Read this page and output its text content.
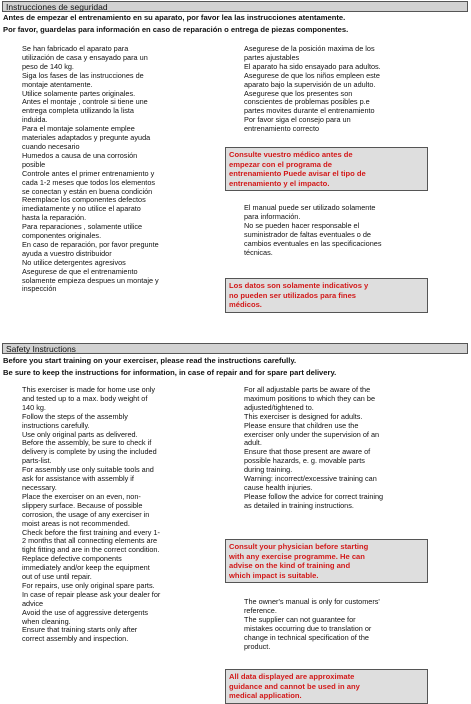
Instrucciones de seguridad
Antes de empezar el entrenamiento en su aparato, por favor lea las instrucciones atentamente.
Por favor, guardelas para información en caso de reparación o entrega de piezas componentes.

Se han fabricado el aparato para

utilización de casa y ensayado para un

peso de 140 kg.

Siga los fases de las instrucciones de

montaje atentamente.

Utilice solamente partes originales.

Antes el montaje , controle si tiene une

entrega completa utilizando la lista

induida.

Para el montaje solamente emplee

materiales adaptados y pregunte ayuda

cuando necesario

Humedos a causa de una corrosión

posible

Controle antes el primer entrenamiento y

cada 1-2 meses que todos los elementos

se conectan y están en buena condición

Reemplace los componentes defectos

imediatamente y no utilice el aparato

hasta la reparación.

Para reparaciones , solamente utilice

componentes originales.

En caso de reparación, por favor pregunte

ayuda a vuestro distribuidor

No utilice detergentes agresivos

Asegurese de que el entrenamiento

solamente empieza despues un montaje y

inspección

Asegurese de la posición maxima de los

partes ajustables

El aparato ha sido ensayado para adultos.

Asegurese de que los niños empleen este

aparato bajo la supervisión de un adulto.

Asegurese que los presentes son

conscientes de problemas posibles p.e

partes movites durante el entrenamiento

Por favor siga el consejo para un

entrenamiento correcto

Consulte vuestro médico antes de

empezar con el programa de

entrenamiento Puede avisar el tipo de

entrenamiento y el impacto.

El manual puede ser utilizado solamente

para información.

No se pueden hacer responsable el

suministrador de faltas eventuales o de

cambios eventuales en las specificaciones

técnicas.

Los datos son solamente indicativos y

no pueden ser utilizados para fines

médicos.

Safety Instructions
Before you start training on your exerciser, please read the instructions carefully.
Be sure to keep the instructions for information, in case of repair and for spare part delivery.

This exerciser is made for home use only

and tested up to a max. body weight of

140 kg.

Follow the steps of the assembly

instructions carefully.

Use only original parts as delivered.

Before the assembly, be sure to check if

delivery is complete by using the included

parts-list.

For assembly use only suitable tools and

ask for assistance with assembly if

necessary.

Place the exerciser on an even, non-

slippery surface. Because of possible

corrosion, the usage of any exerciser in

moist areas is not recommended.

Check before the first training and every 1-

2 months that all connecting elements are

tight fitting and are in the correct condition.

Replace defective components

immediately and/or keep the equipment

out of use until repair.

For repairs, use only original spare parts.

In case of repair please ask your dealer for

advice

Avoid the use of aggressive detergents

when cleaning.

Ensure that training starts only after

correct assembly and inspection.

For all adjustable parts be aware of the

maximum positions to which they can be

adjusted/tightened to.

This exerciser is designed for adults.

Please ensure that children use the

exerciser only under the supervision of an

adult.

Ensure that those present are aware of

possible hazards, e. g. movable parts

during training.

Warning: incorrect/excessive training can

cause health injuries.

Please follow the advice for correct training

as detailed in training instructions.

Consult your physician before starting

with any exercise programme. He can

advise on the kind of training and

which impact is suitable.

The owner's manual is only for customers'

reference.

The supplier can not guarantee for

mistakes occurring due to translation or

change in technical specification of the

product.

All data displayed are approximate

guidance and cannot be used in any

medical application.
